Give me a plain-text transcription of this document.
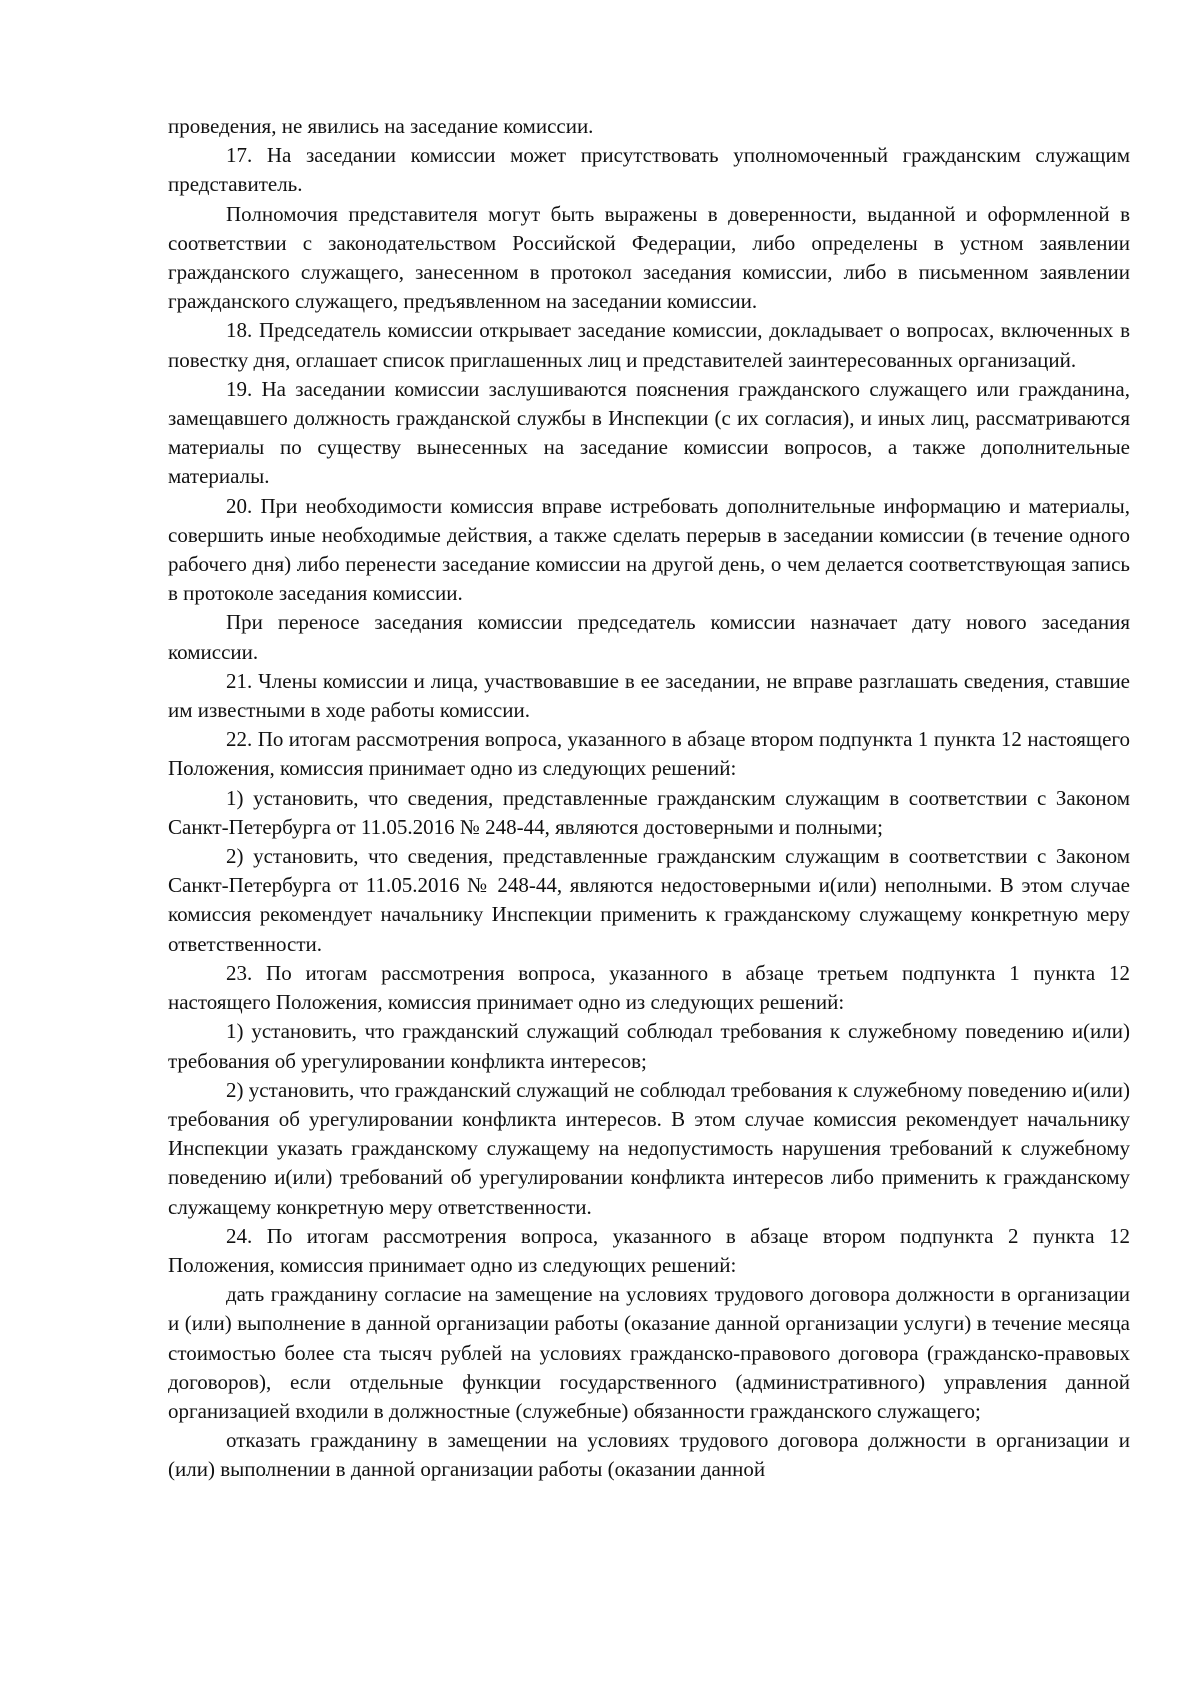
проведения, не явились на заседание комиссии.

17. На заседании комиссии может присутствовать уполномоченный гражданским служащим представитель.

Полномочия представителя могут быть выражены в доверенности, выданной и оформленной в соответствии с законодательством Российской Федерации, либо определены в устном заявлении гражданского служащего, занесенном в протокол заседания комиссии, либо в письменном заявлении гражданского служащего, предъявленном на заседании комиссии.

18. Председатель комиссии открывает заседание комиссии, докладывает о вопросах, включенных в повестку дня, оглашает список приглашенных лиц и представителей заинтересованных организаций.

19. На заседании комиссии заслушиваются пояснения гражданского служащего или гражданина, замещавшего должность гражданской службы в Инспекции (с их согласия), и иных лиц, рассматриваются материалы по существу вынесенных на заседание комиссии вопросов, а также дополнительные материалы.

20. При необходимости комиссия вправе истребовать дополнительные информацию и материалы, совершить иные необходимые действия, а также сделать перерыв в заседании комиссии (в течение одного рабочего дня) либо перенести заседание комиссии на другой день, о чем делается соответствующая запись в протоколе заседания комиссии.

При переносе заседания комиссии председатель комиссии назначает дату нового заседания комиссии.

21. Члены комиссии и лица, участвовавшие в ее заседании, не вправе разглашать сведения, ставшие им известными в ходе работы комиссии.

22. По итогам рассмотрения вопроса, указанного в абзаце втором подпункта 1 пункта 12 настоящего Положения, комиссия принимает одно из следующих решений:

1) установить, что сведения, представленные гражданским служащим в соответствии с Законом Санкт-Петербурга от 11.05.2016 № 248-44, являются достоверными и полными;

2) установить, что сведения, представленные гражданским служащим в соответствии с Законом Санкт-Петербурга от 11.05.2016 № 248-44, являются недостоверными и(или) неполными. В этом случае комиссия рекомендует начальнику Инспекции применить к гражданскому служащему конкретную меру ответственности.

23. По итогам рассмотрения вопроса, указанного в абзаце третьем подпункта 1 пункта 12 настоящего Положения, комиссия принимает одно из следующих решений:

1) установить, что гражданский служащий соблюдал требования к служебному поведению и(или) требования об урегулировании конфликта интересов;

2) установить, что гражданский служащий не соблюдал требования к служебному поведению и(или) требования об урегулировании конфликта интересов. В этом случае комиссия рекомендует начальнику Инспекции указать гражданскому служащему на недопустимость нарушения требований к служебному поведению и(или) требований об урегулировании конфликта интересов либо применить к гражданскому служащему конкретную меру ответственности.

24. По итогам рассмотрения вопроса, указанного в абзаце втором подпункта 2 пункта 12 Положения, комиссия принимает одно из следующих решений:

дать гражданину согласие на замещение на условиях трудового договора должности в организации и (или) выполнение в данной организации работы (оказание данной организации услуги) в течение месяца стоимостью более ста тысяч рублей на условиях гражданско-правового договора (гражданско-правовых договоров), если отдельные функции государственного (административного) управления данной организацией входили в должностные (служебные) обязанности гражданского служащего;

отказать гражданину в замещении на условиях трудового договора должности в организации и (или) выполнении в данной организации работы (оказании данной
